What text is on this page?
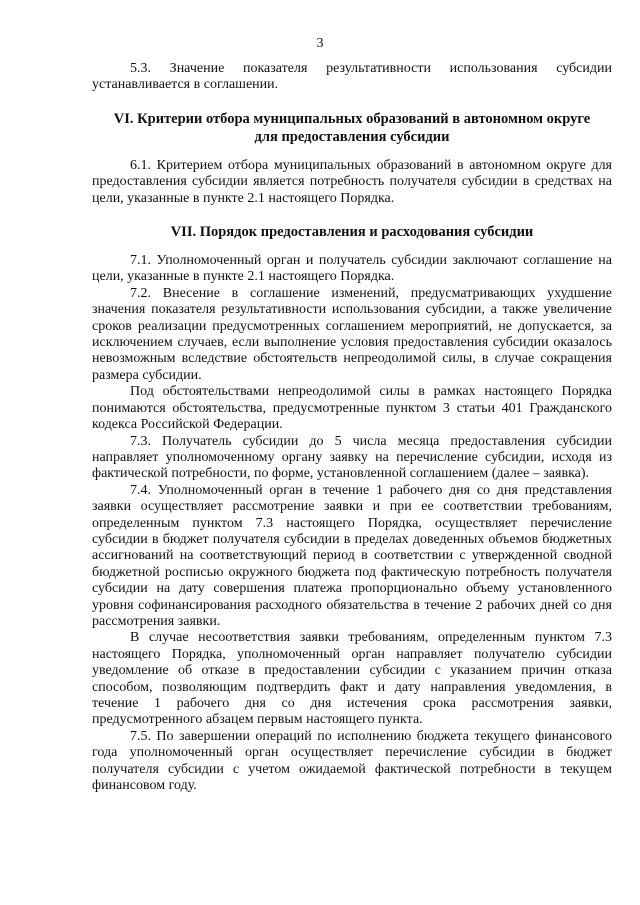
3

5.3. Значение показателя результативности использования субсидии устанавливается в соглашении.

VI. Критерии отбора муниципальных образований в автономном округе для предоставления субсидии

6.1. Критерием отбора муниципальных образований в автономном округе для предоставления субсидии является потребность получателя субсидии в средствах на цели, указанные в пункте 2.1 настоящего Порядка.

VII. Порядок предоставления и расходования субсидии

7.1. Уполномоченный орган и получатель субсидии заключают соглашение на цели, указанные в пункте 2.1 настоящего Порядка.

7.2. Внесение в соглашение изменений, предусматривающих ухудшение значения показателя результативности использования субсидии, а также увеличение сроков реализации предусмотренных соглашением мероприятий, не допускается, за исключением случаев, если выполнение условия предоставления субсидии оказалось невозможным вследствие обстоятельств непреодолимой силы, в случае сокращения размера субсидии.

Под обстоятельствами непреодолимой силы в рамках настоящего Порядка понимаются обстоятельства, предусмотренные пунктом 3 статьи 401 Гражданского кодекса Российской Федерации.

7.3. Получатель субсидии до 5 числа месяца предоставления субсидии направляет уполномоченному органу заявку на перечисление субсидии, исходя из фактической потребности, по форме, установленной соглашением (далее – заявка).

7.4. Уполномоченный орган в течение 1 рабочего дня со дня представления заявки осуществляет рассмотрение заявки и при ее соответствии требованиям, определенным пунктом 7.3 настоящего Порядка, осуществляет перечисление субсидии в бюджет получателя субсидии в пределах доведенных объемов бюджетных ассигнований на соответствующий период в соответствии с утвержденной сводной бюджетной росписью окружного бюджета под фактическую потребность получателя субсидии на дату совершения платежа пропорционально объему установленного уровня софинансирования расходного обязательства в течение 2 рабочих дней со дня рассмотрения заявки.

В случае несоответствия заявки требованиям, определенным пунктом 7.3 настоящего Порядка, уполномоченный орган направляет получателю субсидии уведомление об отказе в предоставлении субсидии с указанием причин отказа способом, позволяющим подтвердить факт и дату направления уведомления, в течение 1 рабочего дня со дня истечения срока рассмотрения заявки, предусмотренного абзацем первым настоящего пункта.

7.5. По завершении операций по исполнению бюджета текущего финансового года уполномоченный орган осуществляет перечисление субсидии в бюджет получателя субсидии с учетом ожидаемой фактической потребности в текущем финансовом году.
